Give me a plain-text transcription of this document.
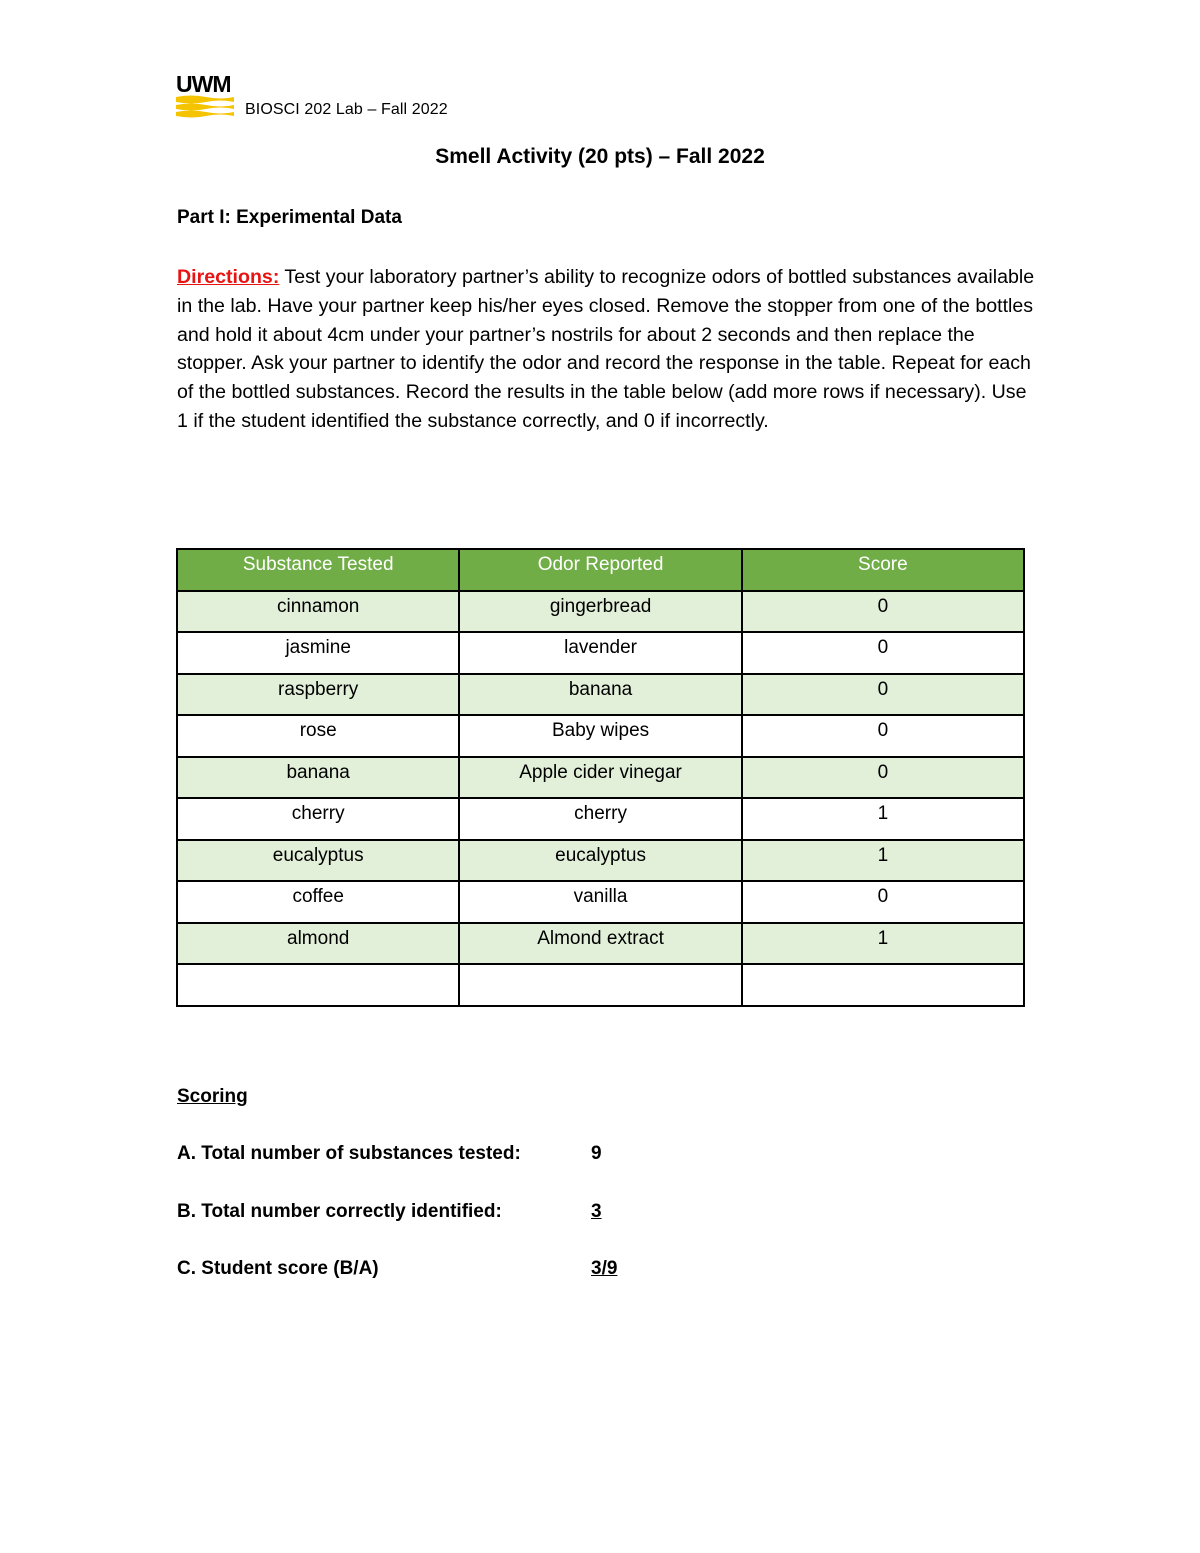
UWM
BIOSCI 202 Lab – Fall 2022
Smell Activity (20 pts) – Fall 2022
Part I: Experimental Data
Directions: Test your laboratory partner’s ability to recognize odors of bottled substances available in the lab. Have your partner keep his/her eyes closed. Remove the stopper from one of the bottles and hold it about 4cm under your partner’s nostrils for about 2 seconds and then replace the stopper. Ask your partner to identify the odor and record the response in the table. Repeat for each of the bottled substances. Record the results in the table below (add more rows if necessary). Use 1 if the student identified the substance correctly, and 0 if incorrectly.
Substance Tested	Odor Reported	Score
cinnamon	gingerbread	0
jasmine	lavender	0
raspberry	banana	0
rose	Baby wipes	0
banana	Apple cider vinegar	0
cherry	cherry	1
eucalyptus	eucalyptus	1
coffee	vanilla	0
almond	Almond extract	1

Scoring
A. Total number of substances tested:	9
B. Total number correctly identified:	3
C. Student score (B/A)	3/9
